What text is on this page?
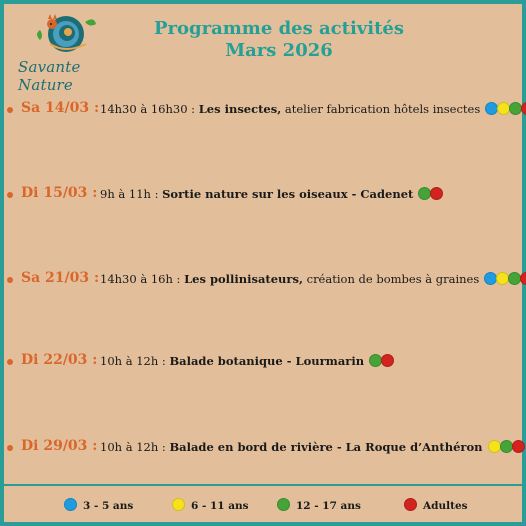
Savante Nature
Programme des activités
Mars 2026
Sa 14/03 : 14h30 à 16h30 : Les insectes, atelier fabrication hôtels insectes
Di 15/03 : 9h à 11h : Sortie nature sur les oiseaux - Cadenet
Sa 21/03 : 14h30 à 16h : Les pollinisateurs, création de bombes à graines
Di 22/03 : 10h à 12h : Balade botanique - Lourmarin
Di 29/03 : 10h à 12h : Balade en bord de rivière - La Roque d’Anthéron
3 - 5 ans	6 - 11 ans	12 - 17 ans	Adultes
